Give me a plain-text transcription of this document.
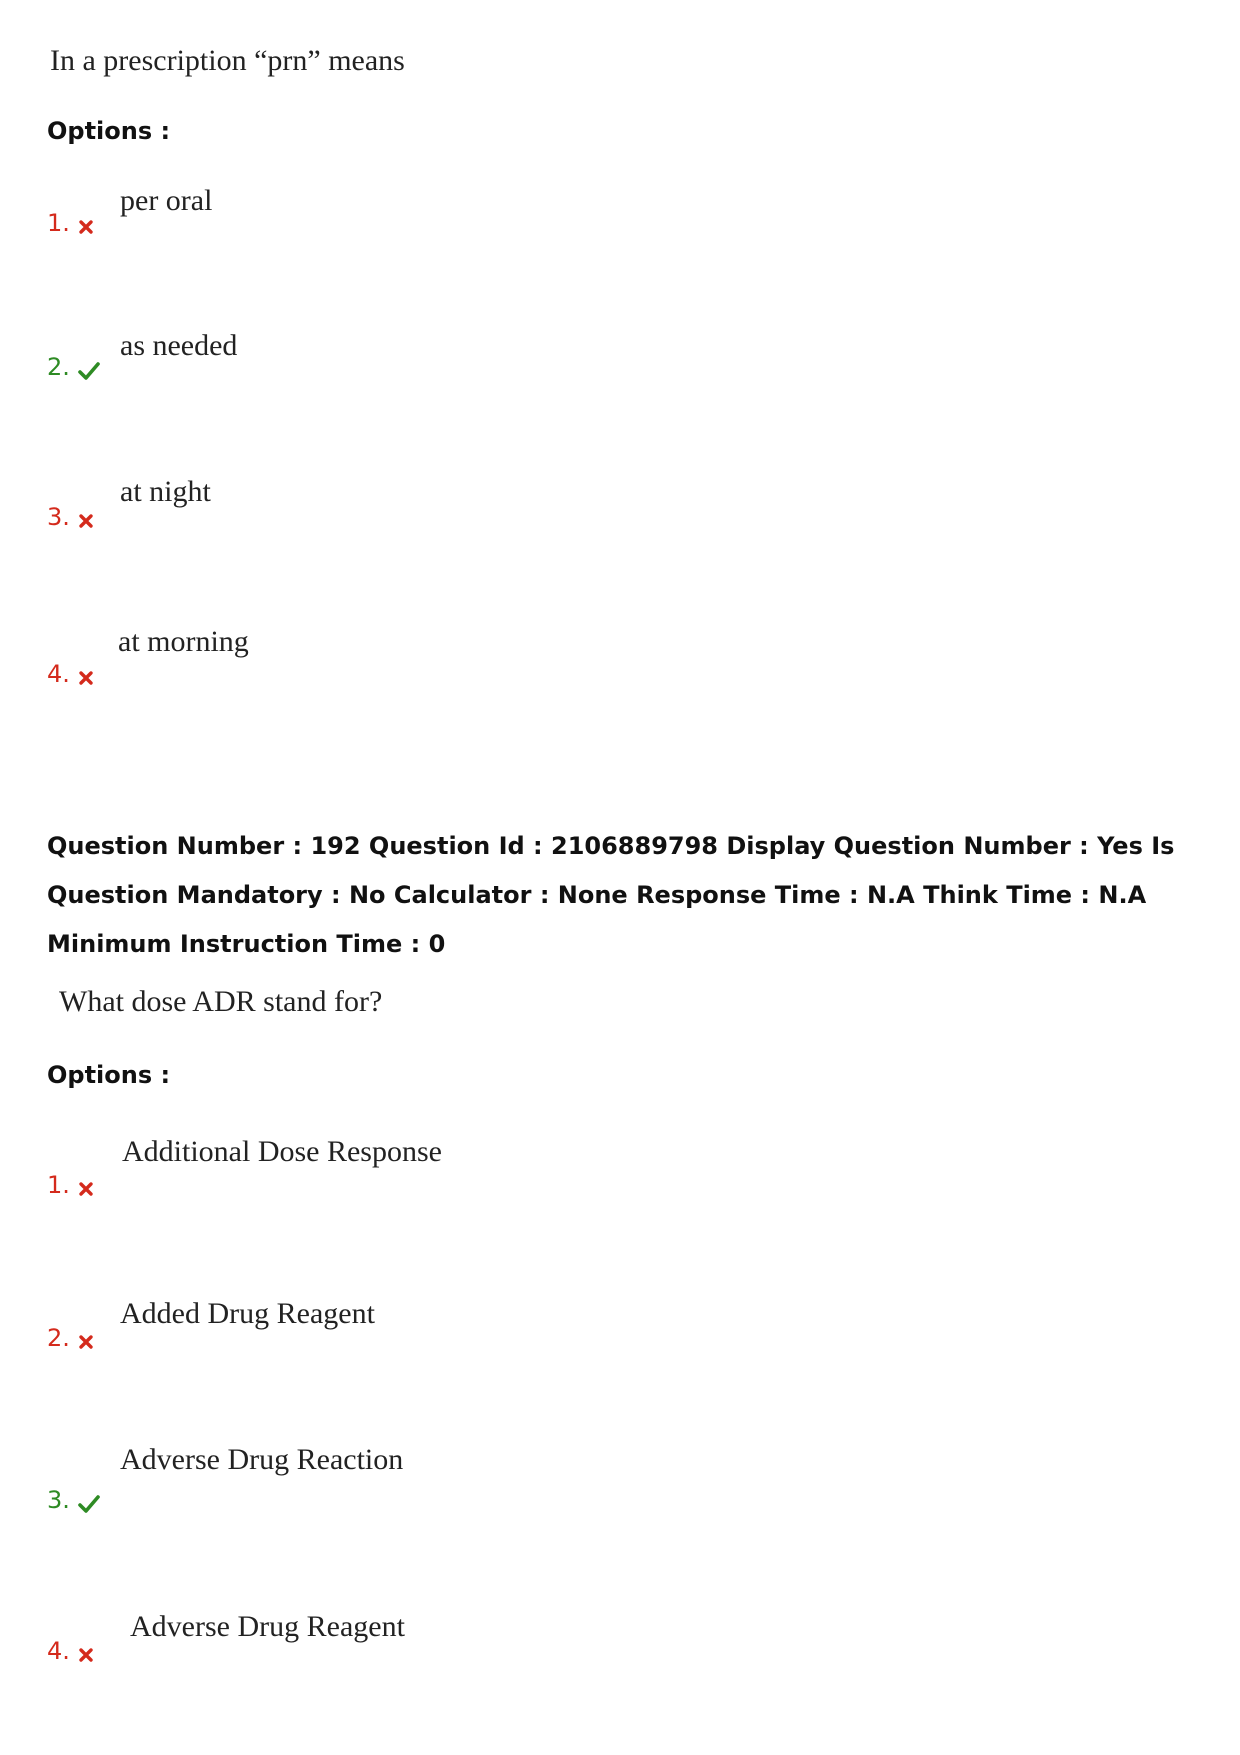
In a prescription “prn” means
Options :
1.
per oral
2.
as needed
3.
at night
4.
at morning
Question Number : 192 Question Id : 2106889798 Display Question Number : Yes Is Question Mandatory : No Calculator : None Response Time : N.A Think Time : N.A Minimum Instruction Time : 0
What dose ADR stand for?
Options :
1.
Additional Dose Response
2.
Added Drug Reagent
3.
Adverse Drug Reaction
4.
Adverse Drug Reagent
